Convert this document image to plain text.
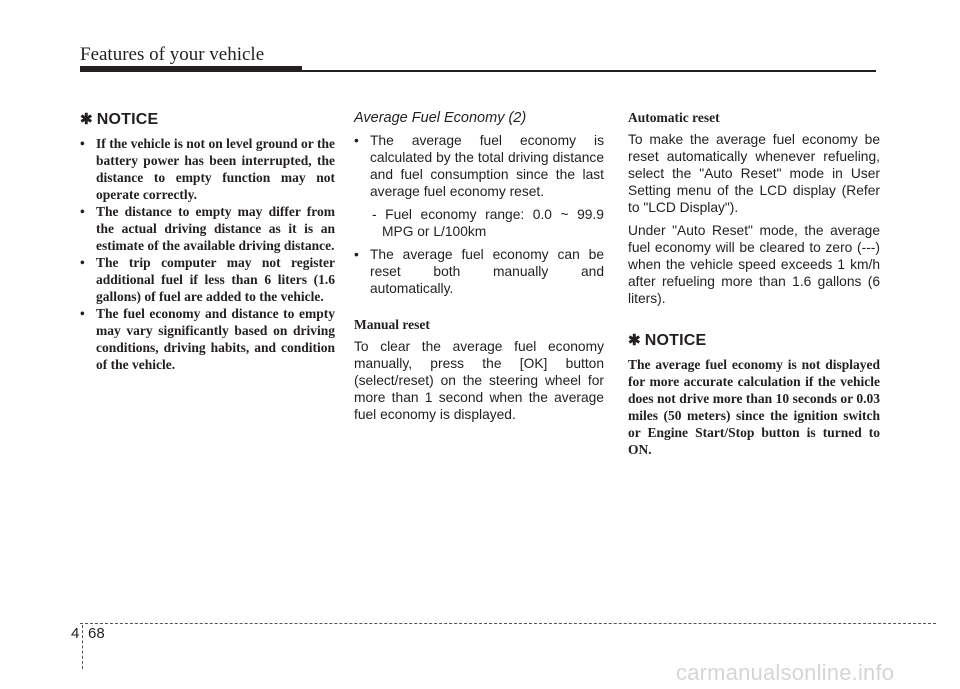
Features of your vehicle
✱ NOTICE
• If the vehicle is not on level ground or the battery power has been interrupted, the distance to empty function may not operate correctly.
• The distance to empty may differ from the actual driving distance as it is an estimate of the available driving distance.
• The trip computer may not register additional fuel if less than 6 liters (1.6 gallons) of fuel are added to the vehicle.
• The fuel economy and distance to empty may vary significantly based on driving conditions, driving habits, and condition of the vehicle.
Average Fuel Economy (2)
• The average fuel economy is calculated by the total driving distance and fuel consumption since the last average fuel economy reset.
- Fuel economy range: 0.0 ~ 99.9 MPG or L/100km
• The average fuel economy can be reset both manually and automatically.
Manual reset
To clear the average fuel economy manually, press the [OK] button (select/reset) on the steering wheel for more than 1 second when the average fuel economy is displayed.
Automatic reset
To make the average fuel economy be reset automatically whenever refueling, select the "Auto Reset" mode in User Setting menu of the LCD display (Refer to "LCD Display").
Under "Auto Reset" mode, the average fuel economy will be cleared to zero (---) when the vehicle speed exceeds 1 km/h after refueling more than 1.6 gallons (6 liters).
✱ NOTICE
The average fuel economy is not displayed for more accurate calculation if the vehicle does not drive more than 10 seconds or 0.03 miles (50 meters) since the ignition switch or Engine Start/Stop button is turned to ON.
4 68
carmanualsonline.info
